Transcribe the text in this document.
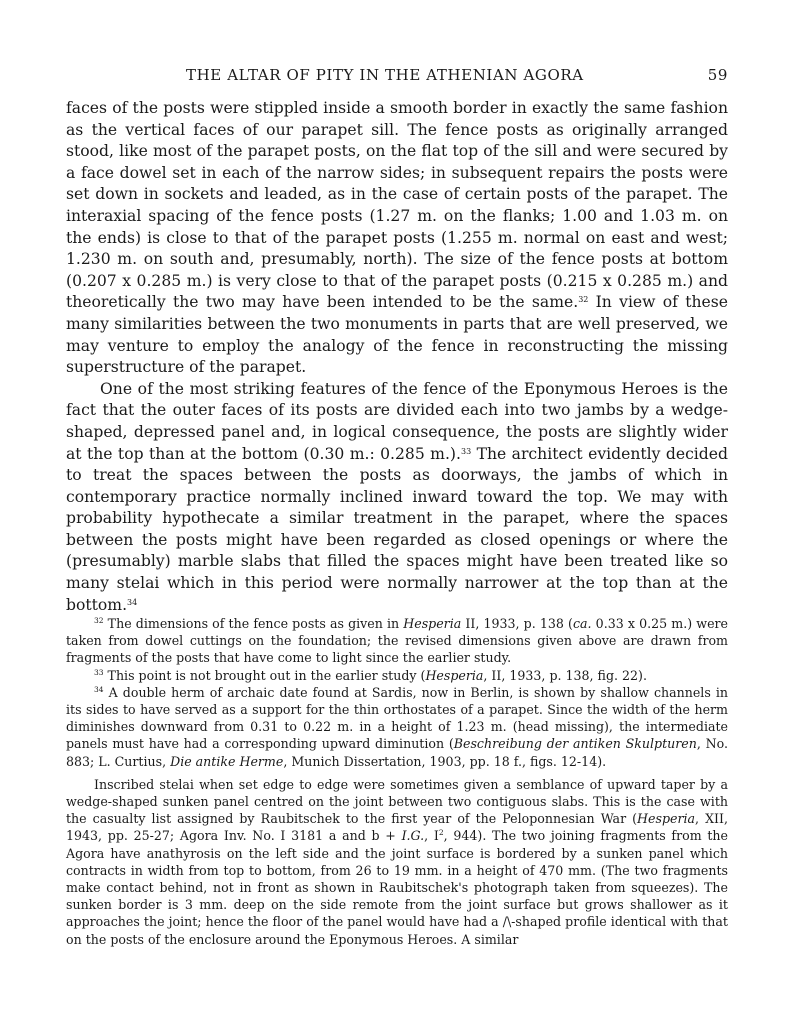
THE ALTAR OF PITY IN THE ATHENIAN AGORA	59

faces of the posts were stippled inside a smooth border in exactly the same fashion as the vertical faces of our parapet sill. The fence posts as originally arranged stood, like most of the parapet posts, on the flat top of the sill and were secured by a face dowel set in each of the narrow sides; in subsequent repairs the posts were set down in sockets and leaded, as in the case of certain posts of the parapet. The interaxial spacing of the fence posts (1.27 m. on the flanks; 1.00 and 1.03 m. on the ends) is close to that of the parapet posts (1.255 m. normal on east and west; 1.230 m. on south and, presumably, north). The size of the fence posts at bottom (0.207 x 0.285 m.) is very close to that of the parapet posts (0.215 x 0.285 m.) and theoretically the two may have been intended to be the same.$^{32}$ In view of these many similarities between the two monuments in parts that are well preserved, we may venture to employ the analogy of the fence in reconstructing the missing superstructure of the parapet.

One of the most striking features of the fence of the Eponymous Heroes is the fact that the outer faces of its posts are divided each into two jambs by a wedge-shaped, depressed panel and, in logical consequence, the posts are slightly wider at the top than at the bottom (0.30 m.: 0.285 m.).$^{33}$ The architect evidently decided to treat the spaces between the posts as doorways, the jambs of which in contemporary practice normally inclined inward toward the top. We may with probability hypothecate a similar treatment in the parapet, where the spaces between the posts might have been regarded as closed openings or where the (presumably) marble slabs that filled the spaces might have been treated like so many stelai which in this period were normally narrower at the top than at the bottom.$^{34}$

$^{32}$ The dimensions of the fence posts as given in Hesperia II, 1933, p. 138 (ca. 0.33 x 0.25 m.) were taken from dowel cuttings on the foundation; the revised dimensions given above are drawn from fragments of the posts that have come to light since the earlier study.

$^{33}$ This point is not brought out in the earlier study (Hesperia, II, 1933, p. 138, fig. 22).

$^{34}$ A double herm of archaic date found at Sardis, now in Berlin, is shown by shallow channels in its sides to have served as a support for the thin orthostates of a parapet. Since the width of the herm diminishes downward from 0.31 to 0.22 m. in a height of 1.23 m. (head missing), the intermediate panels must have had a corresponding upward diminution (Beschreibung der antiken Skulpturen, No. 883; L. Curtius, Die antike Herme, Munich Dissertation, 1903, pp. 18 f., figs. 12-14).

Inscribed stelai when set edge to edge were sometimes given a semblance of upward taper by a wedge-shaped sunken panel centred on the joint between two contiguous slabs. This is the case with the casualty list assigned by Raubitschek to the first year of the Peloponnesian War (Hesperia, XII, 1943, pp. 25-27; Agora Inv. No. I 3181 a and b + I.G., $I^2$, 944). The two joining fragments from the Agora have anathyrosis on the left side and the joint surface is bordered by a sunken panel which contracts in width from top to bottom, from 26 to 19 mm. in a height of 470 mm. (The two fragments make contact behind, not in front as shown in Raubitschek's photograph taken from squeezes). The sunken border is 3 mm. deep on the side remote from the joint surface but grows shallower as it approaches the joint; hence the floor of the panel would have had a /\-shaped profile identical with that on the posts of the enclosure around the Eponymous Heroes. A similar
